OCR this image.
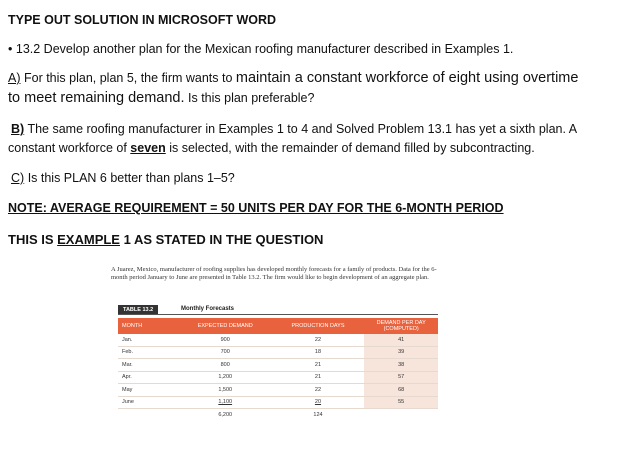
TYPE OUT SOLUTION IN MICROSOFT WORD
• 13.2 Develop another plan for the Mexican roofing manufacturer described in Examples 1.
A) For this plan, plan 5, the firm wants to maintain a constant workforce of eight using overtime
to meet remaining demand. Is this plan preferable?
B) The same roofing manufacturer in Examples 1 to 4 and Solved Problem 13.1 has yet a sixth plan. A
constant workforce of seven is selected, with the remainder of demand filled by subcontracting.
C) Is this PLAN 6 better than plans 1–5?
NOTE: AVERAGE REQUIREMENT = 50 UNITS PER DAY FOR THE 6-MONTH PERIOD
THIS IS EXAMPLE 1 AS STATED IN THE QUESTION
A Juarez, Mexico, manufacturer of roofing supplies has developed monthly forecasts for a family of products. Data for the 6-month period January to June are presented in Table 13.2. The firm would like to begin development of an aggregate plan.
TABLE 13.2	Monthly Forecasts
MONTH	EXPECTED DEMAND	PRODUCTION DAYS	DEMAND PER DAY (COMPUTED)
Jan.	900	22	41
Feb.	700	18	39
Mar.	800	21	38
Apr.	1,200	21	57
May	1,500	22	68
June	1,100	20	55
	6,200	124	
